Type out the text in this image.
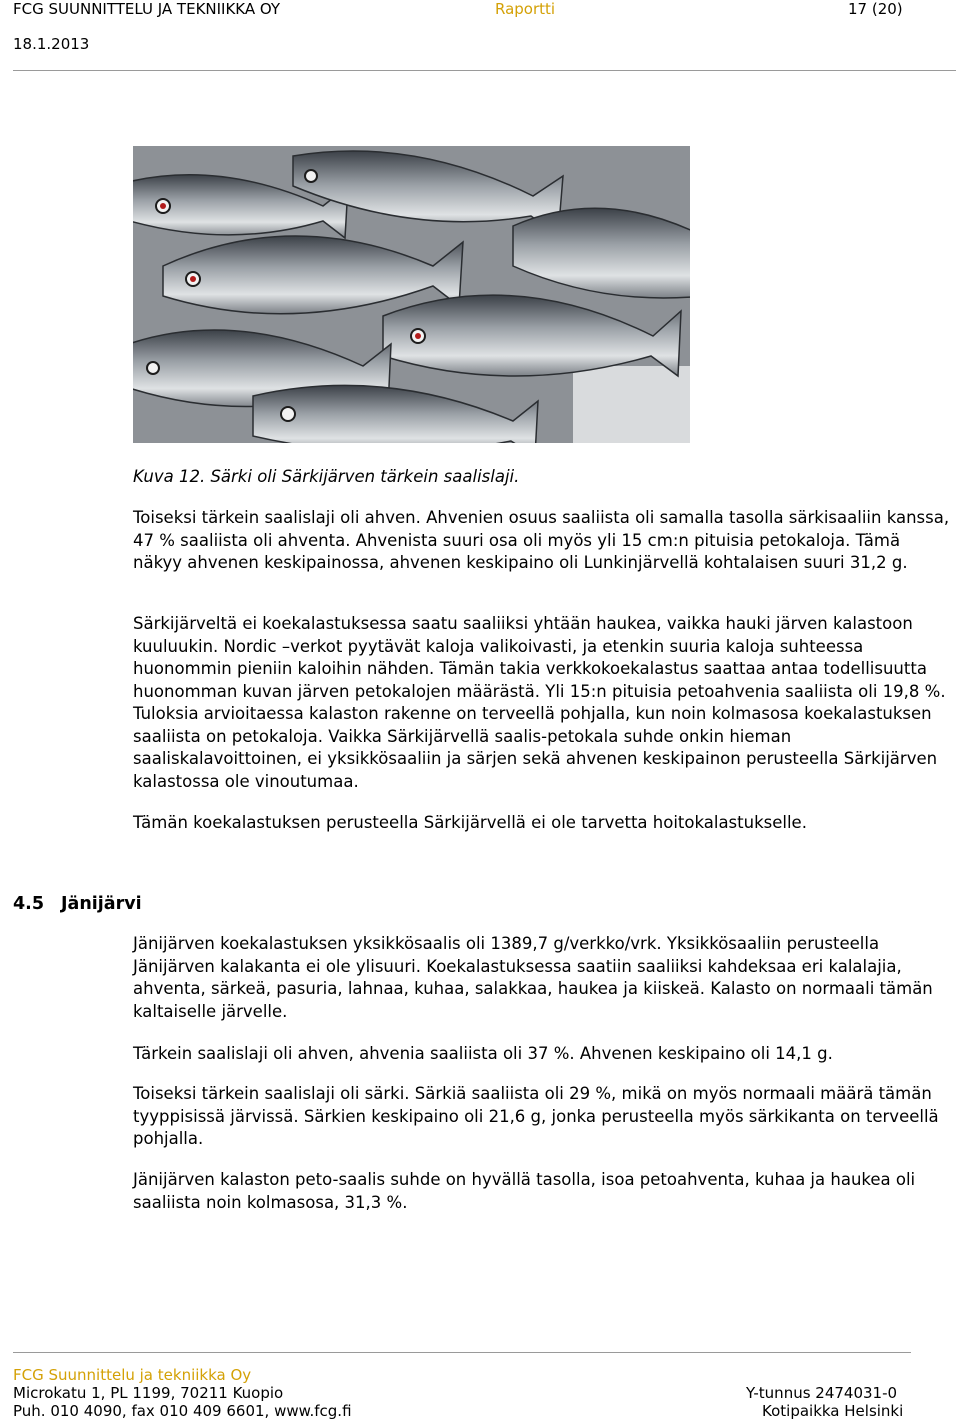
FCG SUUNNITTELU JA TEKNIIKKA OY	Raportti	17 (20)
18.1.2013
Kuva 12. Särki oli Särkijärven tärkein saalislaji.

Toiseksi tärkein saalislaji oli ahven. Ahvenien osuus saaliista oli samalla tasolla särkisaaliin kanssa, 47 % saaliista oli ahventa. Ahvenista suuri osa oli myös yli 15 cm:n pituisia petokaloja. Tämä näkyy ahvenen keskipainossa, ahvenen keskipaino oli Lunkinjärvellä kohtalaisen suuri 31,2 g.

Särkijärveltä ei koekalastuksessa saatu saaliiksi yhtään haukea, vaikka hauki järven kalastoon kuuluukin. Nordic –verkot pyytävät kaloja valikoivasti, ja etenkin suuria kaloja suhteessa huonommin pieniin kaloihin nähden. Tämän takia verkkokoekalastus saattaa antaa todellisuutta huonomman kuvan järven petokalojen määrästä. Yli 15:n pituisia petoahvenia saaliista oli 19,8 %. Tuloksia arvioitaessa kalaston rakenne on terveellä pohjalla, kun noin kolmasosa koekalastuksen saaliista on petokaloja. Vaikka Särkijärvellä saalis-petokala suhde onkin hieman saaliskalavoittoinen, ei yksikkösaaliin ja särjen sekä ahvenen keskipainon perusteella Särkijärven kalastossa ole vinoutumaa.

Tämän koekalastuksen perusteella Särkijärvellä ei ole tarvetta hoitokalastukselle.

4.5 Jänijärvi

Jänijärven koekalastuksen yksikkösaalis oli 1389,7 g/verkko/vrk. Yksikkösaaliin perusteella Jänijärven kalakanta ei ole ylisuuri. Koekalastuksessa saatiin saaliiksi kahdeksaa eri kalalajia, ahventa, särkeä, pasuria, lahnaa, kuhaa, salakkaa, haukea ja kiiskeä. Kalasto on normaali tämän kaltaiselle järvelle.

Tärkein saalislaji oli ahven, ahvenia saaliista oli 37 %. Ahvenen keskipaino oli 14,1 g.

Toiseksi tärkein saalislaji oli särki. Särkiä saaliista oli 29 %, mikä on myös normaali määrä tämän tyyppisissä järvissä. Särkien keskipaino oli 21,6 g, jonka perusteella myös särkikanta on terveellä pohjalla.

Jänijärven kalaston peto-saalis suhde on hyvällä tasolla, isoa petoahventa, kuhaa ja haukea oli saaliista noin kolmasosa, 31,3 %.

FCG Suunnittelu ja tekniikka Oy
Microkatu 1, PL 1199, 70211 Kuopio
Puh. 010 4090, fax 010 409 6601, www.fcg.fi
Y-tunnus 2474031-0
Kotipaikka Helsinki
